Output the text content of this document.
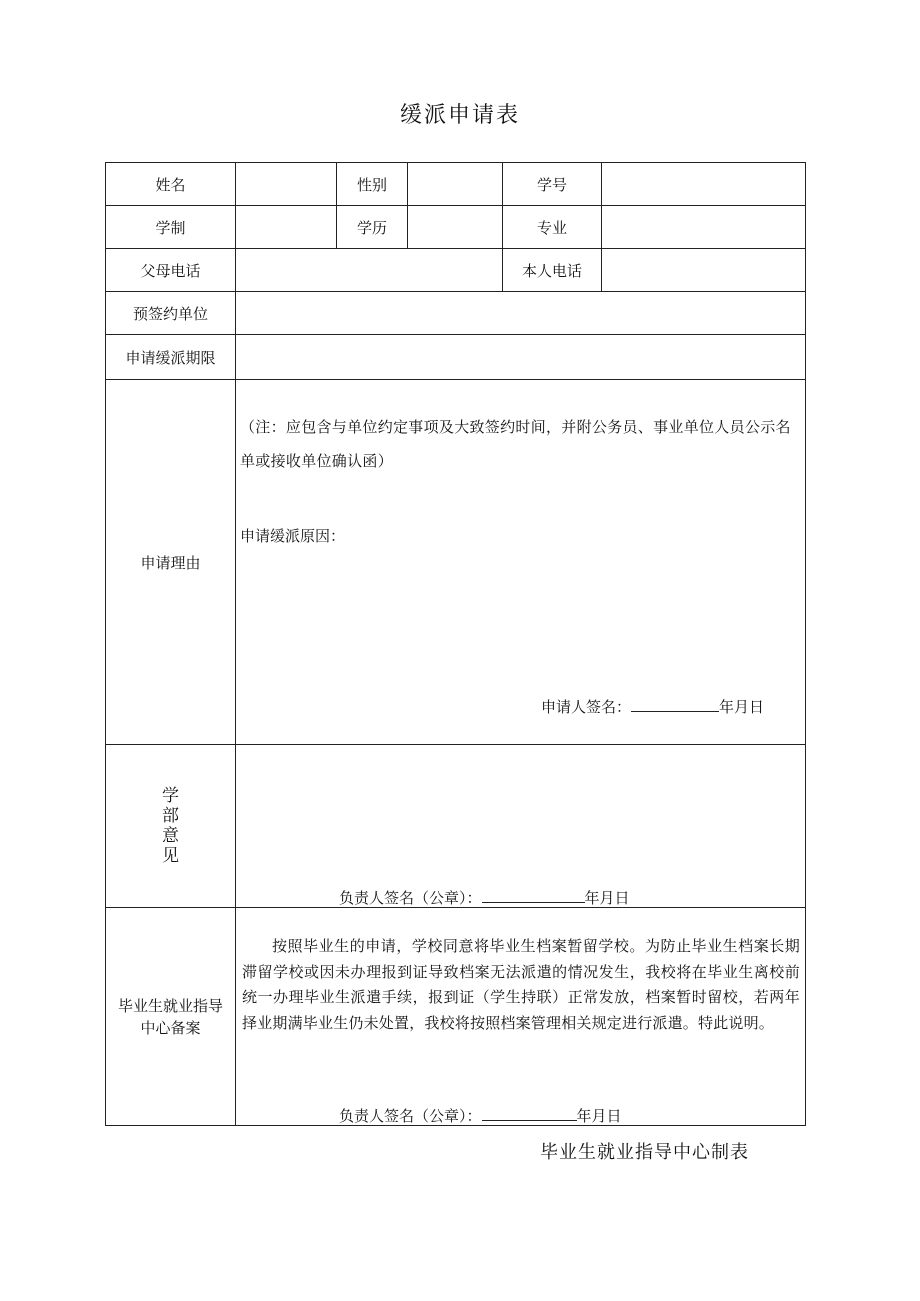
缓派申请表
姓名		性别		学号	
学制		学历		专业	
父母电话				本人电话	
预签约单位					
申请缓派期限					
申请理由	（注：应包含与单位约定事项及大致签约时间，并附公务员、事业单位人员公示名单或接收单位确认函）
申请缓派原因：
申请人签名： 年月日				

学部意见	负责人签名（公章）： 年月日				

毕业生就业指导中心备案	按照毕业生的申请，学校同意将毕业生档案暂留学校。为防止毕业生档案长期滞留学校或因未办理报到证导致档案无法派遣的情况发生，我校将在毕业生离校前统一办理毕业生派遣手续，报到证（学生持联）正常发放，档案暂时留校，若两年择业期满毕业生仍未处置，我校将按照档案管理相关规定进行派遣。特此说明。
负责人签名（公章）： 年月日				
毕业生就业指导中心制表
